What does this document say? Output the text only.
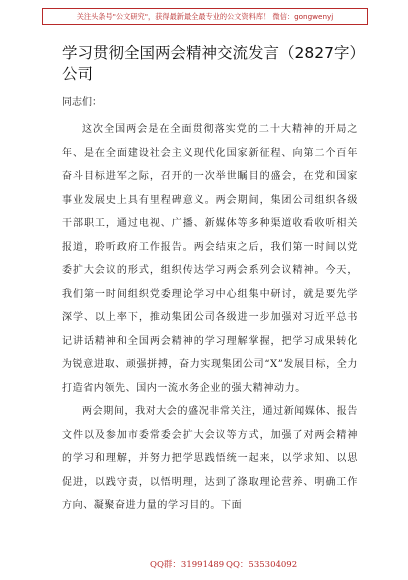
关注头条号"公文研究"，获得最新最全最专业的公文资料库！ 微信：gongwenyj
学习贯彻全国两会精神交流发言（2827字）公司
同志们：

这次全国两会是在全面贯彻落实党的二十大精神的开局之年、是在全面建设社会主义现代化国家新征程、向第二个百年奋斗目标进军之际，召开的一次举世瞩目的盛会，在党和国家事业发展史上具有里程碑意义。两会期间，集团公司组织各级干部职工，通过电视、广播、新媒体等多种渠道收看收听相关报道，聆听政府工作报告。两会结束之后，我们第一时间以党委扩大会议的形式，组织传达学习两会系列会议精神。今天，我们第一时间组织党委理论学习中心组集中研讨，就是要先学深学、以上率下，推动集团公司各级进一步加强对习近平总书记讲话精神和全国两会精神的学习理解掌握，把学习成果转化为锐意进取、顽强拼搏，奋力实现集团公司“X”发展目标，全力打造省内领先、国内一流水务企业的强大精神动力。

两会期间，我对大会的盛况非常关注，通过新闻媒体、报告文件以及参加市委常委会扩大会议等方式，加强了对两会精神的学习和理解，并努力把学思践悟统一起来，以学求知、以思促进，以践守责，以悟明理，达到了涤取理论营养、明确工作方向、凝聚奋进力量的学习目的。下面

QQ群：31991489 QQ：535304092
